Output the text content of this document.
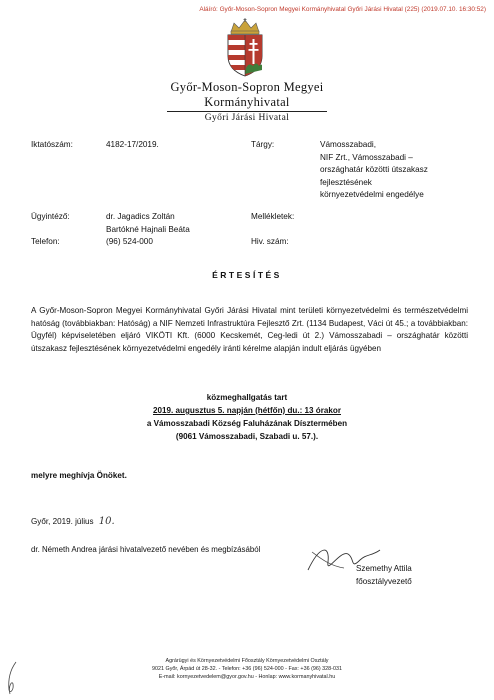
Aláíró: Győr-Moson-Sopron Megyei Kormányhivatal Győri Járási Hivatal (225) (2019.07.10. 16:30:52)
Győr-Moson-Sopron Megyei
Kormányhivatal
Győri Járási Hivatal
Iktatószám:	4182-17/2019.	Tárgy:	Vámosszabadi,
NIF Zrt., Vámosszabadi –
országhatár közötti útszakasz
fejlesztésének
környezetvédelmi engedélye
Ügyintéző:	dr. Jagadics Zoltán
Bartókné Hajnali Beáta
Mellékletek:
Telefon:	(96) 524-000	Hiv. szám:
ÉRTESÍTÉS
A Győr-Moson-Sopron Megyei Kormányhivatal Győri Járási Hivatal mint területi környezetvédelmi és természetvédelmi hatóság (továbbiakban: Hatóság) a NIF Nemzeti Infrastruktúra Fejlesztő Zrt. (1134 Budapest, Váci út 45.; a továbbiakban: Ügyfél) képviseletében eljáró VIKÖTI Kft. (6000 Kecskemét, Ceg-ledi út 2.) Vámosszabadi – országhatár közötti útszakasz fejlesztésének környezetvédelmi engedély iránti kérelme alapján indult eljárás ügyében
közmeghallgatás tart
2019. augusztus 5. napján (hétfőn) du.: 13 órakor
a Vámosszabadi Község Faluházának Dísztermében
(9061 Vámosszabadi, Szabadi u. 57.).
melyre meghívja Önöket.
Győr, 2019. július 10.
dr. Németh Andrea járási hivatalvezető nevében és megbízásából
Szemethy Attila
főosztályvezető
Agrárügyi és Környezetvédelmi Főosztály Környezetvédelmi Osztály
9021 Győr, Árpád út 28-32. - Telefon: +36 (96) 524-000 - Fax: +36 (96) 328-031
E-mail: kornyezetvedelem@gyor.gov.hu - Honlap: www.kormanyhivatal.hu
